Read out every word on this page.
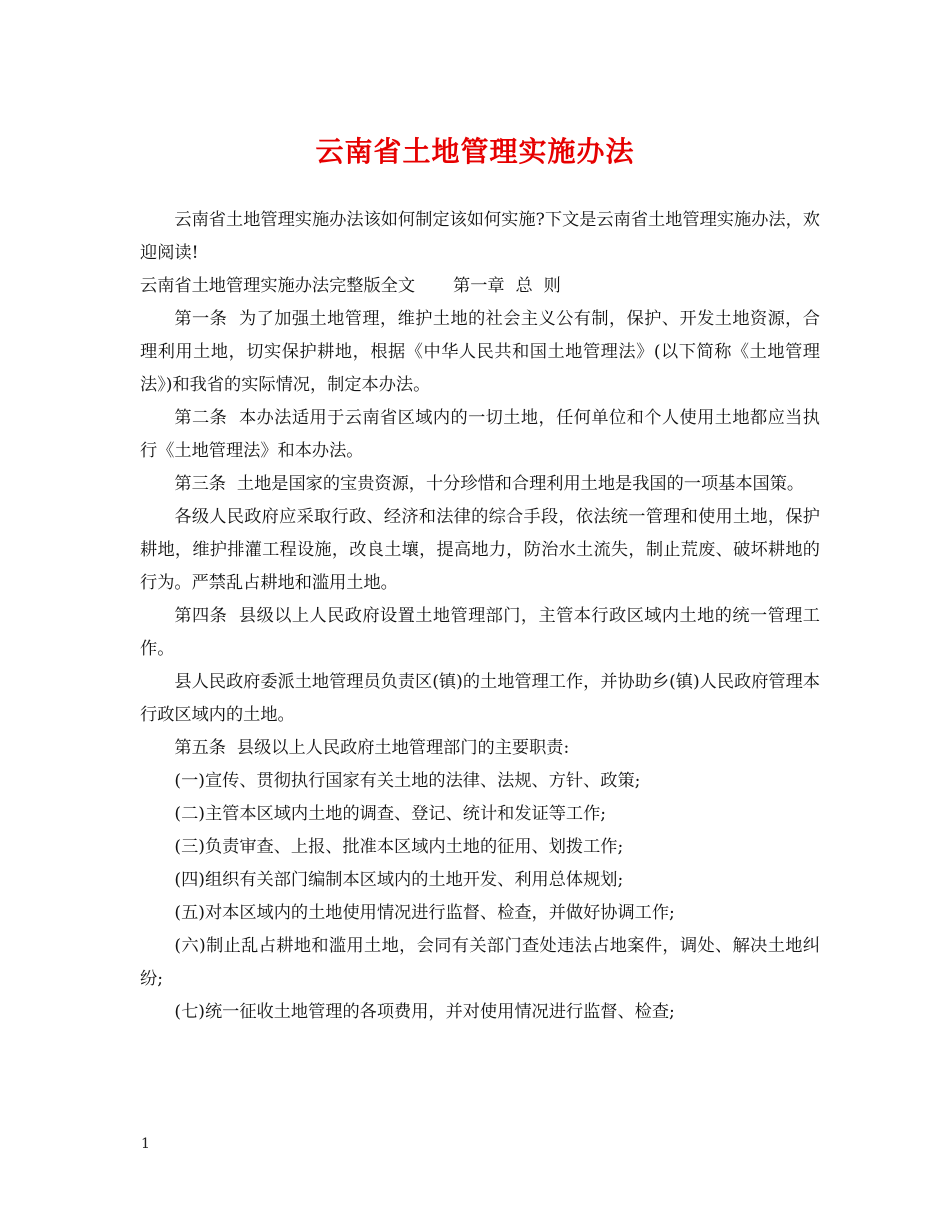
云南省土地管理实施办法

云南省土地管理实施办法该如何制定该如何实施?下文是云南省土地管理实施办法，欢迎阅读!

云南省土地管理实施办法完整版全文 第一章  总  则

第一条  为了加强土地管理，维护土地的社会主义公有制，保护、开发土地资源，合理利用土地，切实保护耕地，根据《中华人民共和国土地管理法》(以下简称《土地管理法》)和我省的实际情况，制定本办法。

第二条  本办法适用于云南省区域内的一切土地，任何单位和个人使用土地都应当执行《土地管理法》和本办法。

第三条  土地是国家的宝贵资源，十分珍惜和合理利用土地是我国的一项基本国策。

各级人民政府应采取行政、经济和法律的综合手段，依法统一管理和使用土地，保护耕地，维护排灌工程设施，改良土壤，提高地力，防治水土流失，制止荒废、破坏耕地的行为。严禁乱占耕地和滥用土地。

第四条  县级以上人民政府设置土地管理部门，主管本行政区域内土地的统一管理工作。

县人民政府委派土地管理员负责区(镇)的土地管理工作，并协助乡(镇)人民政府管理本行政区域内的土地。

第五条  县级以上人民政府土地管理部门的主要职责:

(一)宣传、贯彻执行国家有关土地的法律、法规、方针、政策;

(二)主管本区域内土地的调查、登记、统计和发证等工作;

(三)负责审查、上报、批准本区域内土地的征用、划拨工作;

(四)组织有关部门编制本区域内的土地开发、利用总体规划;

(五)对本区域内的土地使用情况进行监督、检查，并做好协调工作;

(六)制止乱占耕地和滥用土地，会同有关部门查处违法占地案件，调处、解决土地纠纷;

(七)统一征收土地管理的各项费用，并对使用情况进行监督、检查;

1
